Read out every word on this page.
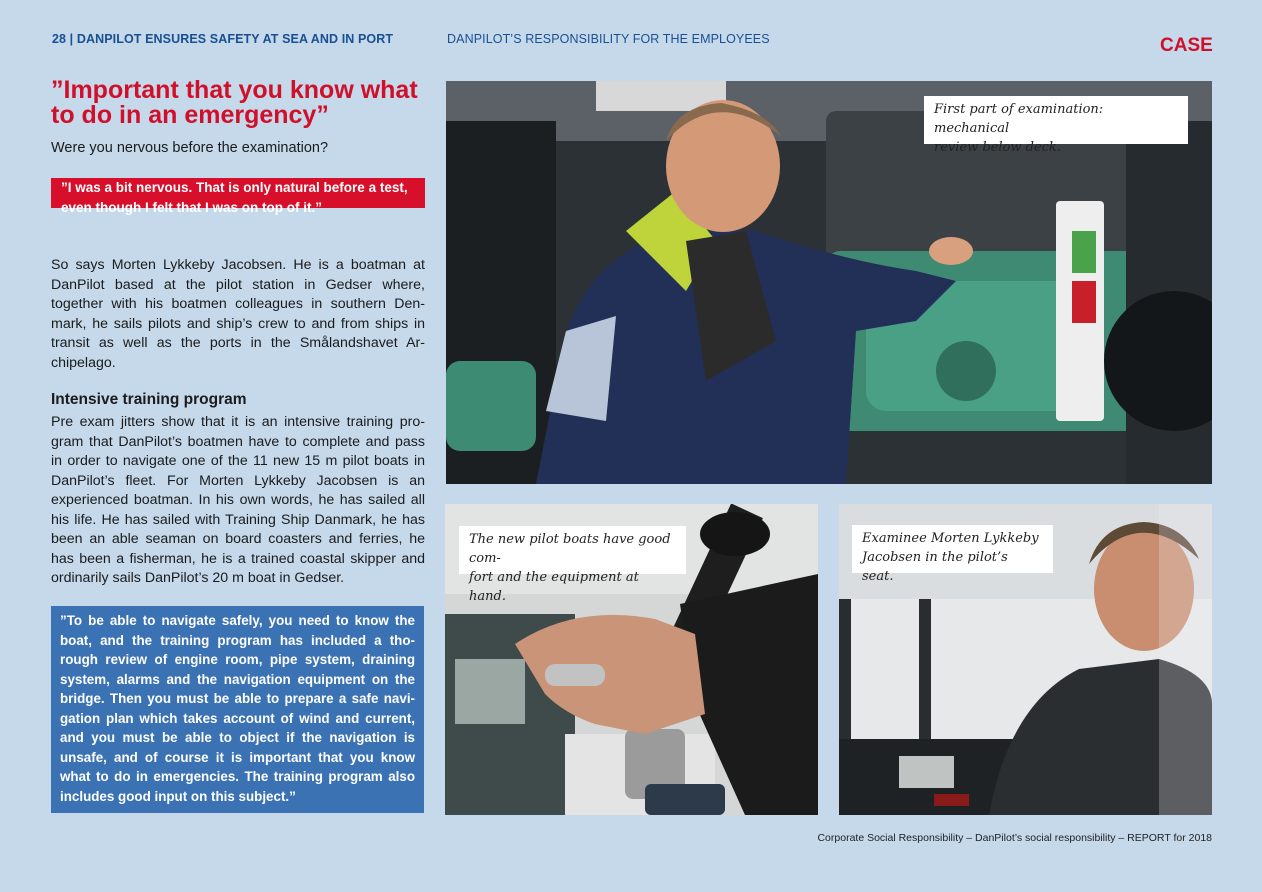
28 | DANPILOT ENSURES SAFETY AT SEA AND IN PORT	DANPILOT’S RESPONSIBILITY FOR THE EMPLOYEES	CASE
”Important that you know what to do in an emergency”
Were you nervous before the examination?
”I was a bit nervous. That is only natural before a test,
even though I felt that I was on top of it.”

So says Morten Lykkeby Jacobsen. He is a boatman at DanPilot based at the pilot station in Gedser where, together with his boatmen colleagues in southern Den-mark, he sails pilots and ship’s crew to and from ships in transit as well as the ports in the Smålandshavet Ar-chipelago.

Intensive training program

Pre exam jitters show that it is an intensive training pro-gram that DanPilot’s boatmen have to complete and pass in order to navigate one of the 11 new 15 m pilot boats in DanPilot’s fleet. For Morten Lykkeby Jacobsen is an experienced boatman. In his own words, he has sailed all his life. He has sailed with Training Ship Danmark, he has been an able seaman on board coasters and ferries, he has been a fisherman, he is a trained coastal skipper and ordinarily sails DanPilot’s 20 m boat in Gedser.

”To be able to navigate safely, you need to know the boat, and the training program has included a tho-rough review of engine room, pipe system, draining system, alarms and the navigation equipment on the bridge. Then you must be able to prepare a safe navi-gation plan which takes account of wind and current, and you must be able to object if the navigation is unsafe, and of course it is important that you know what to do in emergencies. The training program also includes good input on this subject.”
First part of examination: mechanical
review below deck.
The new pilot boats have good com-
fort and the equipment at hand.
Examinee Morten Lykkeby
Jacobsen in the pilot’s seat.
Corporate Social Responsibility – DanPilot’s social responsibility – REPORT for 2018
